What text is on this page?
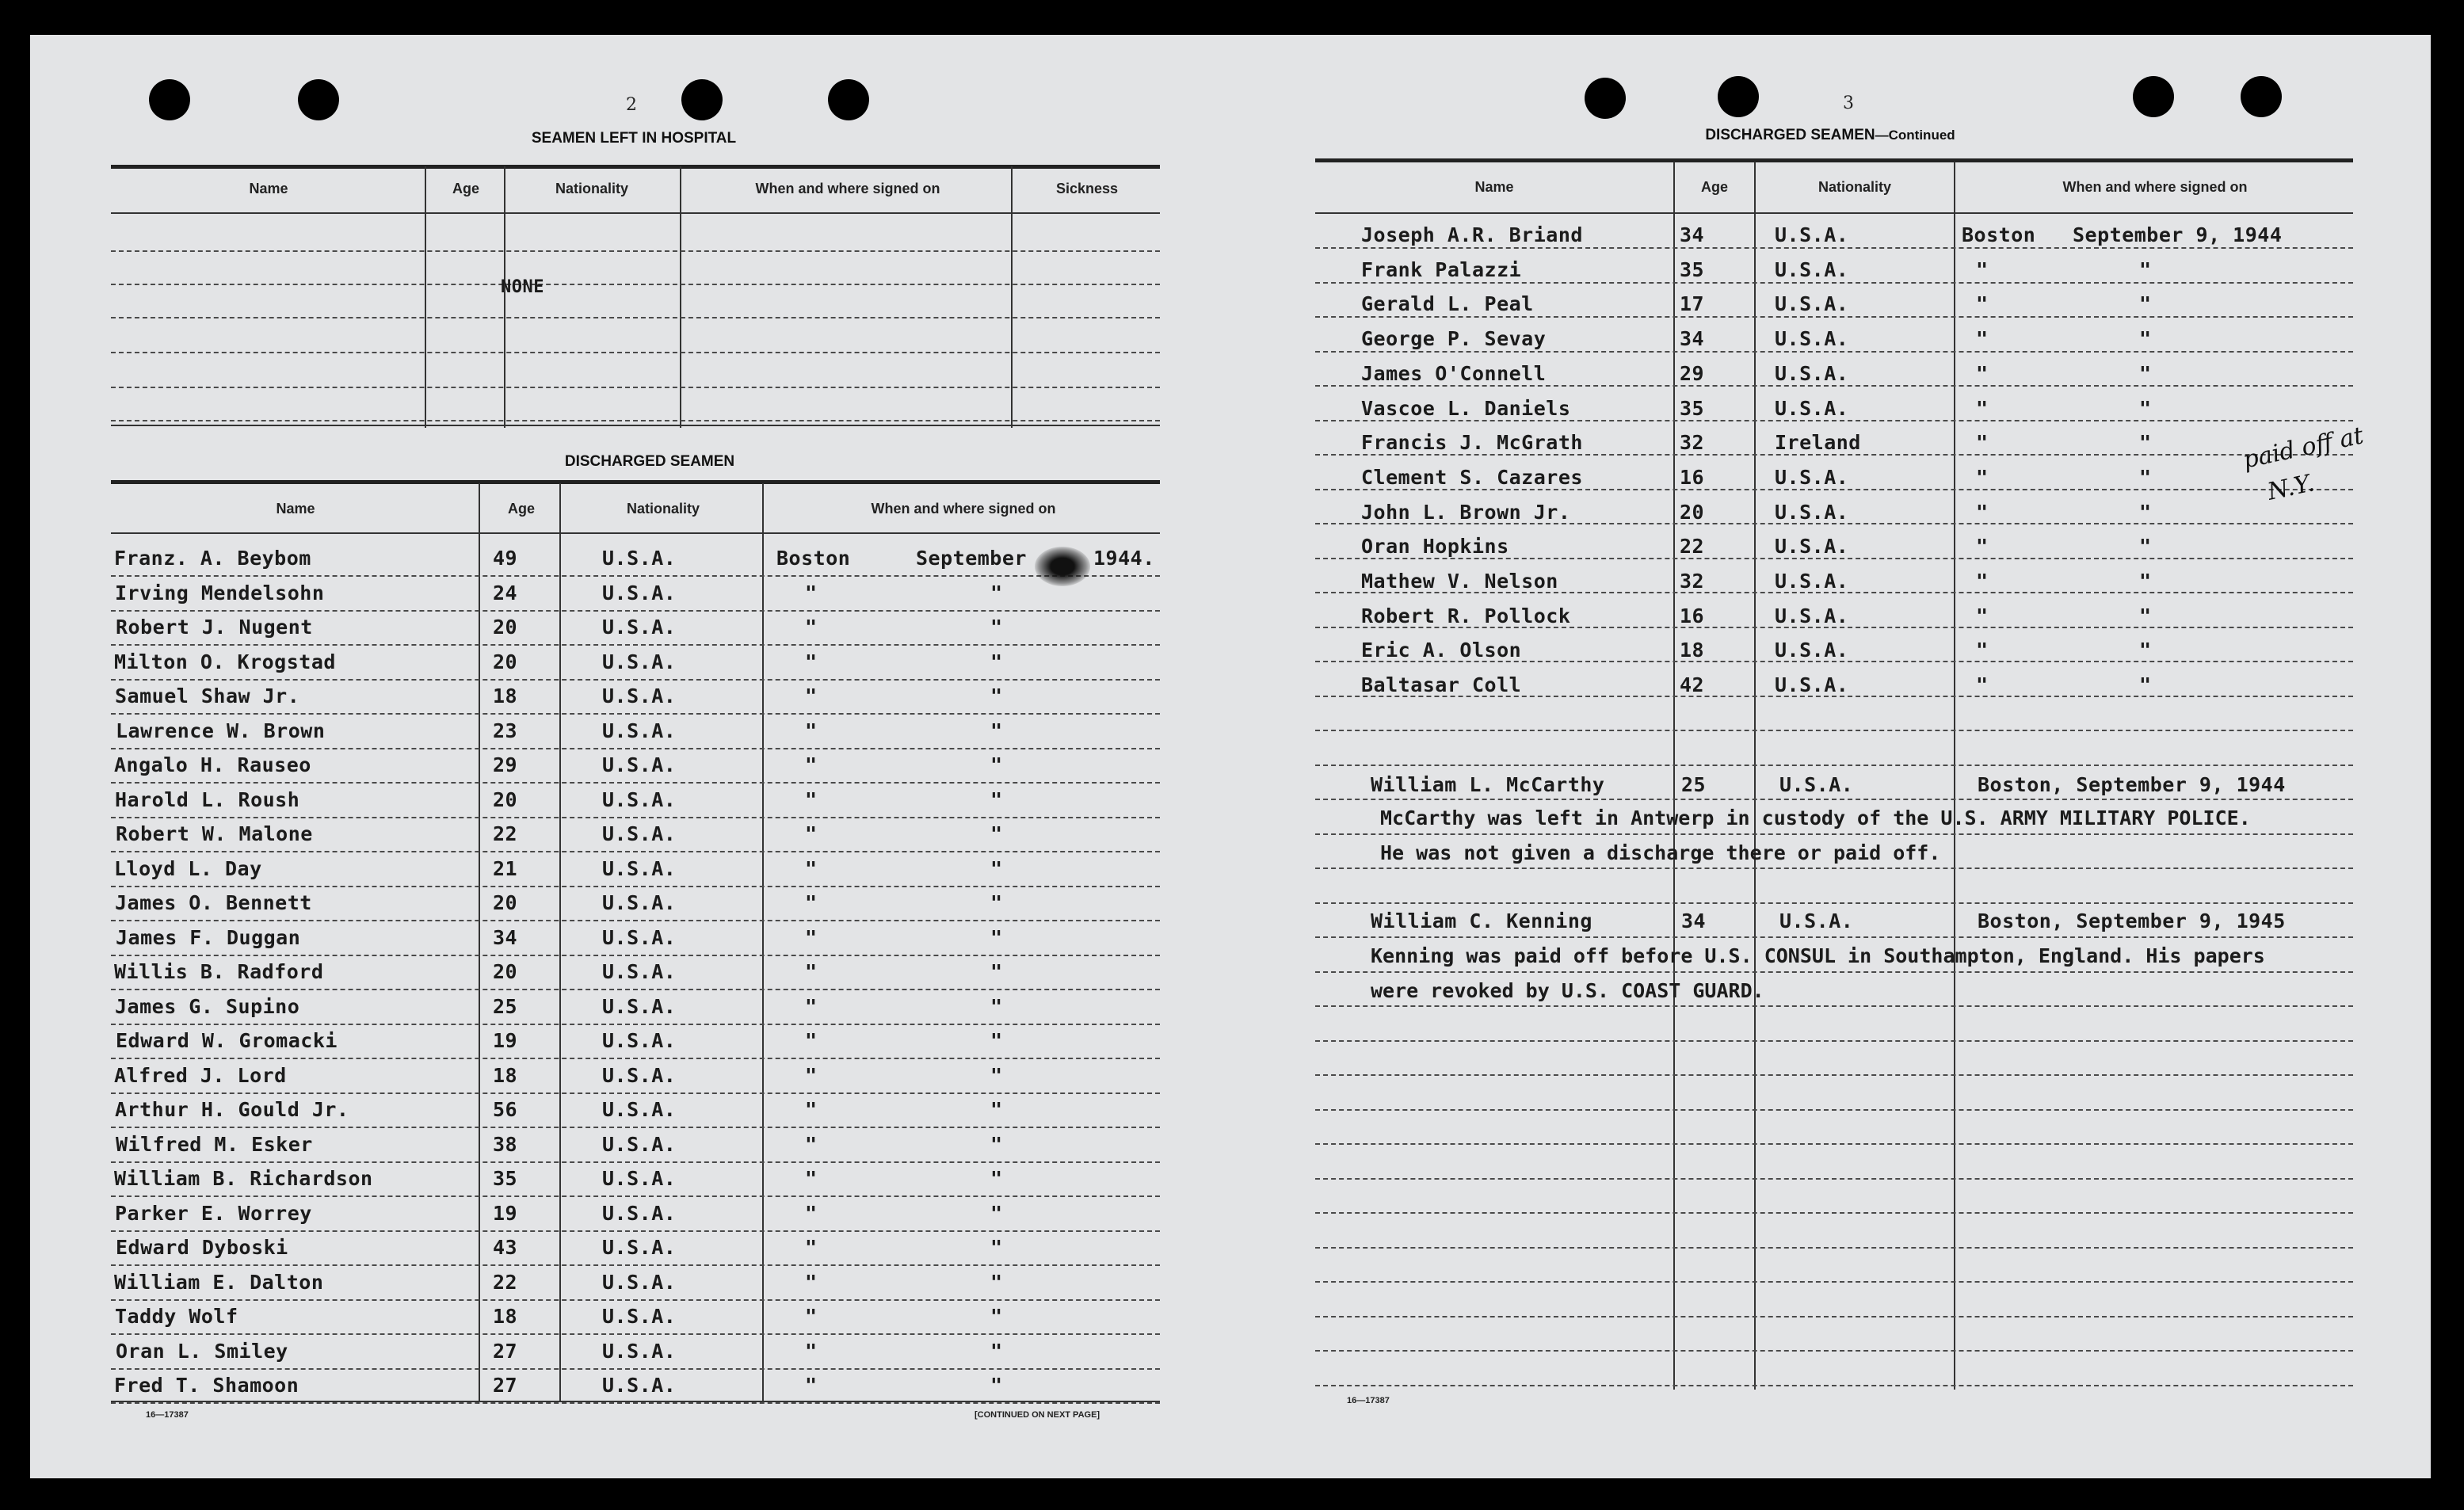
2
SEAMEN LEFT IN HOSPITAL
Name	Age	Nationality	When and where signed on	Sickness
NONE
DISCHARGED SEAMEN
Name	Age	Nationality	When and where signed on
Franz. A. Beybom	49	U.S.A.	Boston	September	1944.
Irving Mendelsohn	24	U.S.A.	"	"
Robert J. Nugent	20	U.S.A.	"	"
Milton O. Krogstad	20	U.S.A.	"	"
Samuel Shaw Jr.	18	U.S.A.	"	"
Lawrence W. Brown	23	U.S.A.	"	"
Angalo H. Rauseo	29	U.S.A.	"	"
Harold L. Roush	20	U.S.A.	"	"
Robert W. Malone	22	U.S.A.	"	"
Lloyd L. Day	21	U.S.A.	"	"
James O. Bennett	20	U.S.A.	"	"
James F. Duggan	34	U.S.A.	"	"
Willis B. Radford	20	U.S.A.	"	"
James G. Supino	25	U.S.A.	"	"
Edward W. Gromacki	19	U.S.A.	"	"
Alfred J. Lord	18	U.S.A.	"	"
Arthur H. Gould Jr.	56	U.S.A.	"	"
Wilfred M. Esker	38	U.S.A.	"	"
William B. Richardson	35	U.S.A.	"	"
Parker E. Worrey	19	U.S.A.	"	"
Edward Dyboski	43	U.S.A.	"	"
William E. Dalton	22	U.S.A.	"	"
Taddy Wolf	18	U.S.A.	"	"
Oran L. Smiley	27	U.S.A.	"	"
Fred T. Shamoon	27	U.S.A.	"	"
16—17387	[CONTINUED ON NEXT PAGE]
3
DISCHARGED SEAMEN—Continued
Name	Age	Nationality	When and where signed on
Joseph A.R. Briand	34	U.S.A.	Boston September 9, 1944
Frank Palazzi	35	U.S.A.	"	"
Gerald L. Peal	17	U.S.A.	"	"
George P. Sevay	34	U.S.A.	"	"
James O'Connell	29	U.S.A.	"	"
Vascoe L. Daniels	35	U.S.A.	"	"
Francis J. McGrath	32	Ireland	"	"
Clement S. Cazares	16	U.S.A.	"	"
John L. Brown Jr.	20	U.S.A.	"	"
Oran Hopkins	22	U.S.A.	"	"
Mathew V. Nelson	32	U.S.A.	"	"
Robert R. Pollock	16	U.S.A.	"	"
Eric A. Olson	18	U.S.A.	"	"
Baltasar Coll	42	U.S.A.	"	"
paid off at
N.Y.
William L. McCarthy	25	U.S.A.	Boston, September 9, 1944
McCarthy was left in Antwerp in custody of the U.S. ARMY MILITARY POLICE.
He was not given a discharge there or paid off.
William C. Kenning	34	U.S.A.	Boston, September 9, 1945
Kenning was paid off before U.S. CONSUL in Southampton, England. His papers
were revoked by U.S. COAST GUARD.
16—17387
